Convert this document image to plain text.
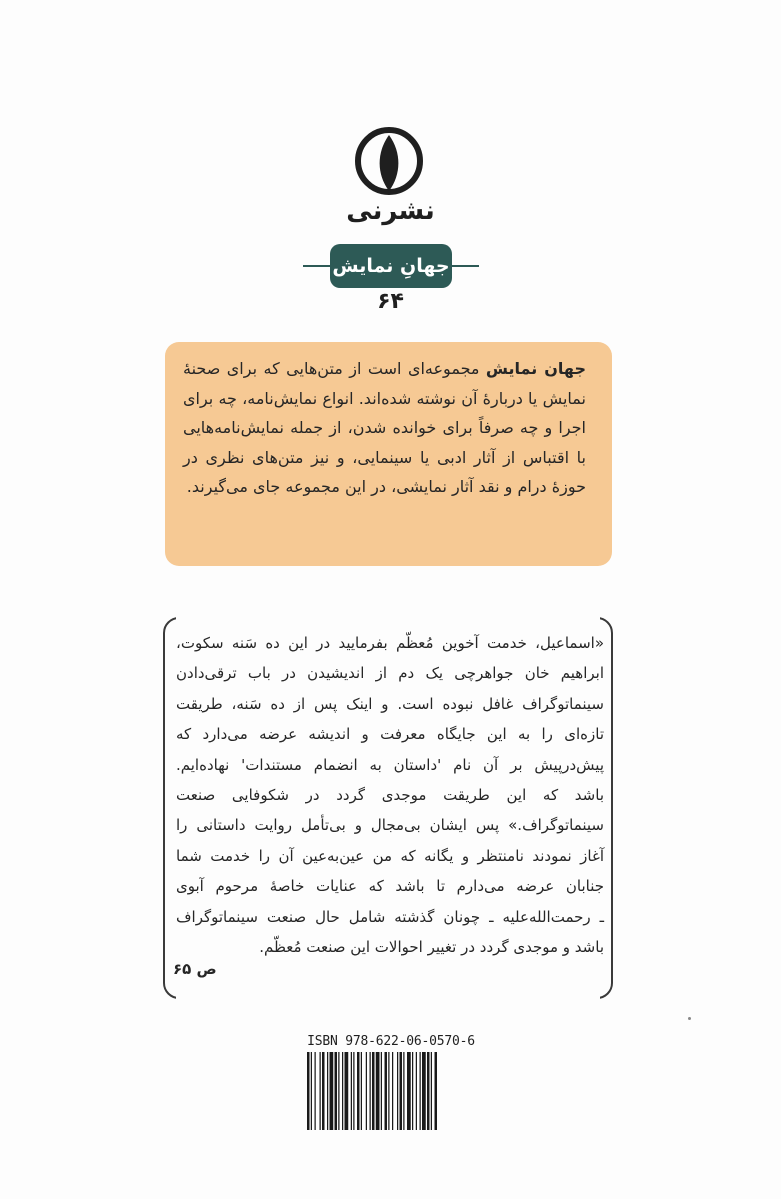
نشرنی
جهانِ نمایش
۶۴
جهان نمایش مجموعه‌ای است از متن‌هایی که برای صحنهٔ نمایش یا دربارهٔ آن نوشته شده‌اند. انواع نمایش‌نامه، چه برای اجرا و چه صرفاً برای خوانده شدن، از جمله نمایش‌نامه‌هایی با اقتباس از آثار ادبی یا سینمایی، و نیز متن‌های نظری در حوزهٔ درام و نقد آثار نمایشی، در این مجموعه جای می‌گیرند.
«اسماعیل، خدمت آخوین مُعظّم بفرمایید در این ده سَنه سکوت،
ابراهیم خان جواهرچی یک دم از اندیشیدن در باب ترقی‌دادن
سینماتوگراف غافل نبوده است. و اینک پس از ده سَنه، طریقت
تازه‌ای را به این جایگاه معرفت و اندیشه عرضه می‌دارد که
پیش‌درپیش بر آن نام 'داستان به انضمام مستندات' نهاده‌ایم.
باشد که این طریقت موجدی گردد در شکوفایی صنعت
سینماتوگراف.» پس ایشان بی‌مجال و بی‌تأمل روایت داستانی را
آغاز نمودند نامنتظر و یگانه که من عین‌به‌عین آن را خدمت شما
جنابان عرضه می‌دارم تا باشد که عنایات خاصهٔ مرحوم آبوی
ـ رحمت‌الله‌علیه ـ چونان گذشته شامل حال صنعت سینماتوگراف
باشد و موجدی گردد در تغییر احوالات این صنعت مُعظّم.
ص ۶۵
ISBN 978-622-06-0570-6
